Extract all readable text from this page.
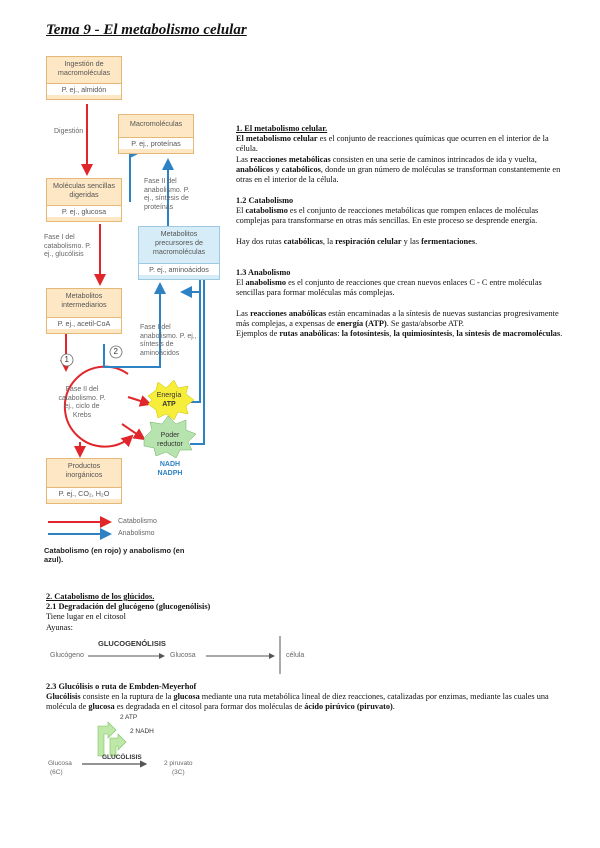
Tema 9 - El metabolismo celular
Ingestión de macromoléculas
P. ej., almidón
Digestión
Macromoléculas
P. ej., proteínas
Moléculas sencillas digeridas
P. ej., glucosa
Fase II del anabolismo. P. ej., síntesis de proteínas
Fase I del catabolismo. P. ej., glucólisis
Metabolitos precursores de macromoléculas
P. ej., aminoácidos
Metabolitos intermediarios
P. ej., acetil-CoA	Fase I del anabolismo. P. ej., síntesis de aminoácidos
1
2
Fase II del catabolismo. P. ej., ciclo de Krebs
Energía
ATP
Poder reductor
NADH
NADPH
Productos inorgánicos
P. ej., CO₂, H₂O
Catabolismo
Anabolismo
Catabolismo (en rojo) y anabolismo (en azul).

1. El metabolismo celular.

El metabolismo celular es el conjunto de reacciones químicas que ocurren en el interior de la célula.

Las reacciones metabólicas consisten en una serie de caminos intrincados de ida y vuelta, anabólicos y catabólicos, donde un gran número de moléculas se transforman constantemente en otras en el interior de la célula.

1.2 Catabolismo

El catabolismo es el conjunto de reacciones metabólicas que rompen enlaces de moléculas complejas para transformarse en otras más sencillas. En este proceso se desprende energía.

Hay dos rutas catabólicas, la respiración celular y las fermentaciones.

1.3 Anabolismo

El anabolismo es el conjunto de reacciones que crean nuevos enlaces C - C entre moléculas sencillas para formar moléculas más complejas.

Las reacciones anabólicas están encaminadas a la síntesis de nuevas sustancias progresivamente más complejas, a expensas de energía (ATP). Se gasta/absorbe ATP.

Ejemplos de rutas anabólicas: la fotosíntesis, la quimiosíntesis, la síntesis de macromoléculas.

2. Catabolismo de los glúcidos.

2.1 Degradación del glucógeno (glucogenólisis)

Tiene lugar en el citosol

Ayunas:

GLUCOGENÓLISIS
Glucógeno	Glucosa	célula

2.3 Glucólisis o ruta de Embden-Meyerhof

Glucólisis consiste en la ruptura de la glucosa mediante una ruta metabólica lineal de diez reacciones, catalizadas por enzimas, mediante las cuales una molécula de glucosa es degradada en el citosol para formar dos moléculas de ácido pirúvico (piruvato).

2 ATP
2 NADH
GLUCÓLISIS
Glucosa
(6C)
2 piruvato
(3C)
